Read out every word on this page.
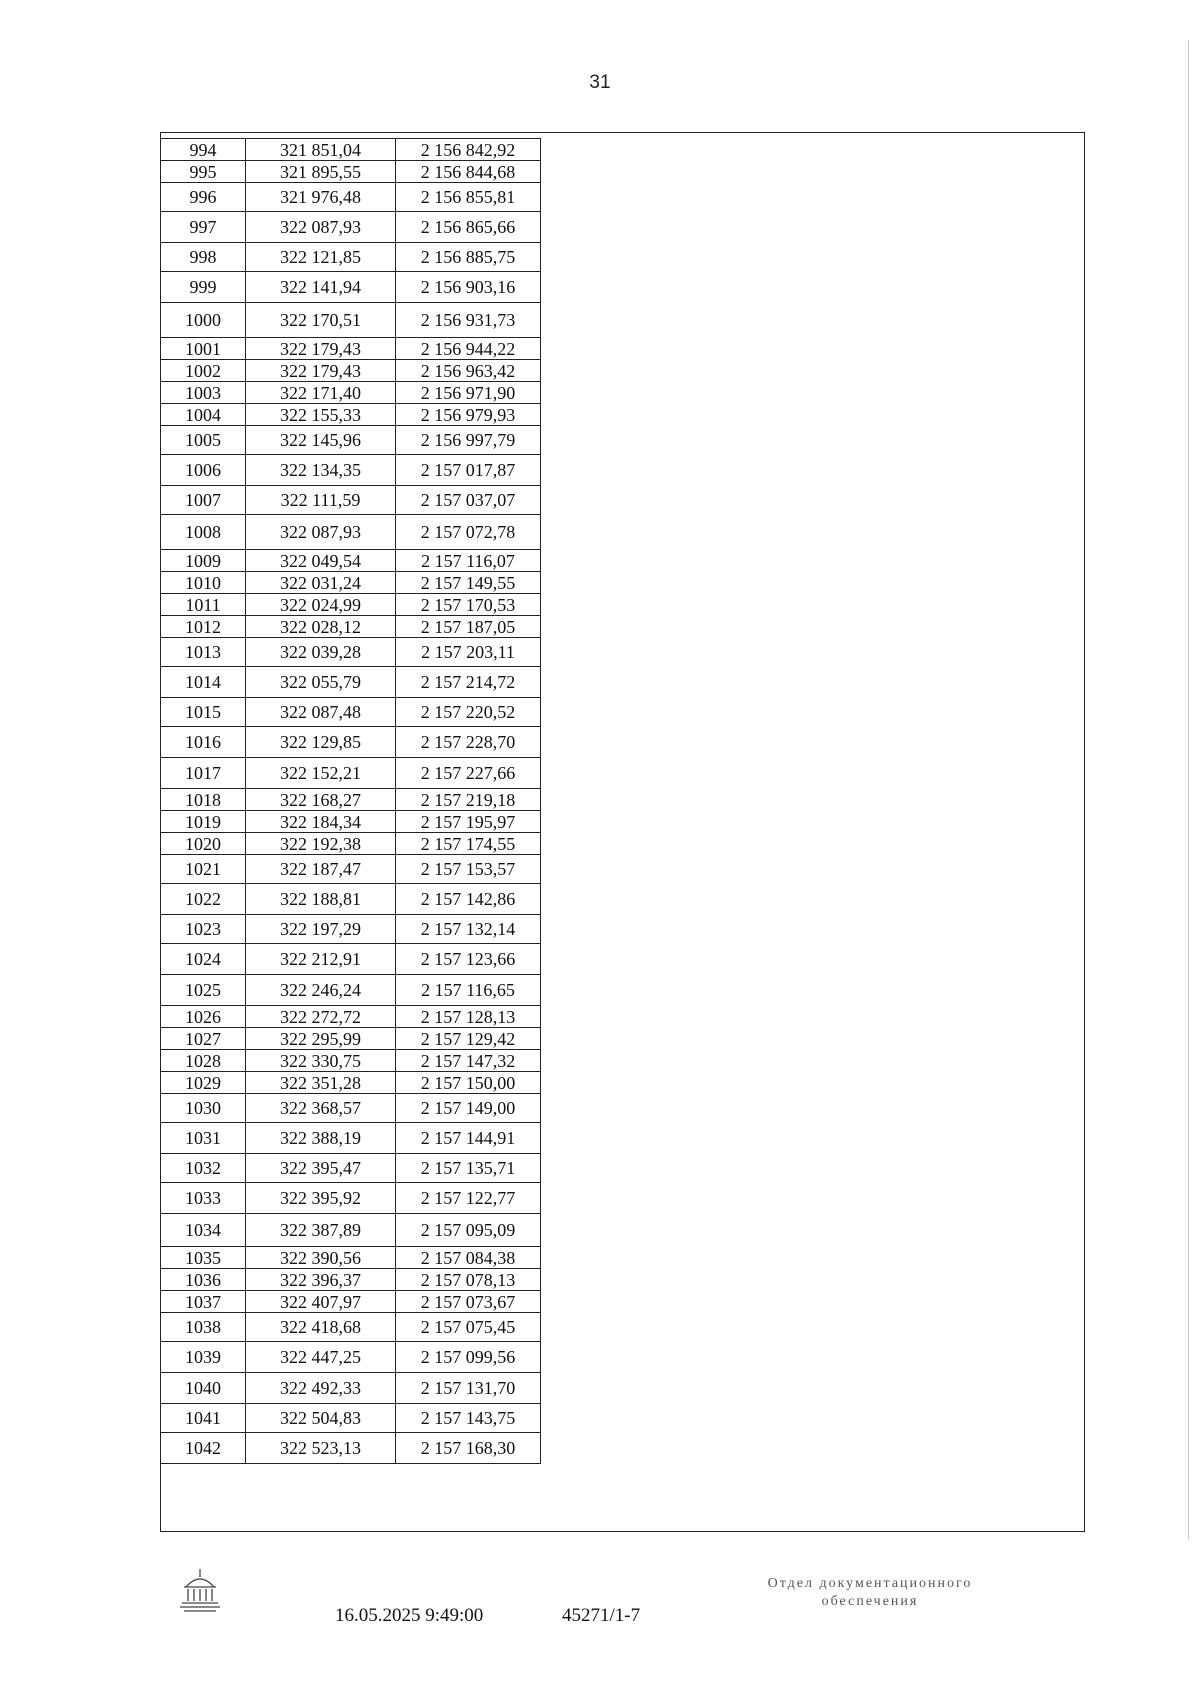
31
994	321 851,04	2 156 842,92
995	321 895,55	2 156 844,68
996	321 976,48	2 156 855,81
997	322 087,93	2 156 865,66
998	322 121,85	2 156 885,75
999	322 141,94	2 156 903,16
1000	322 170,51	2 156 931,73
1001	322 179,43	2 156 944,22
1002	322 179,43	2 156 963,42
1003	322 171,40	2 156 971,90
1004	322 155,33	2 156 979,93
1005	322 145,96	2 156 997,79
1006	322 134,35	2 157 017,87
1007	322 111,59	2 157 037,07
1008	322 087,93	2 157 072,78
1009	322 049,54	2 157 116,07
1010	322 031,24	2 157 149,55
1011	322 024,99	2 157 170,53
1012	322 028,12	2 157 187,05
1013	322 039,28	2 157 203,11
1014	322 055,79	2 157 214,72
1015	322 087,48	2 157 220,52
1016	322 129,85	2 157 228,70
1017	322 152,21	2 157 227,66
1018	322 168,27	2 157 219,18
1019	322 184,34	2 157 195,97
1020	322 192,38	2 157 174,55
1021	322 187,47	2 157 153,57
1022	322 188,81	2 157 142,86
1023	322 197,29	2 157 132,14
1024	322 212,91	2 157 123,66
1025	322 246,24	2 157 116,65
1026	322 272,72	2 157 128,13
1027	322 295,99	2 157 129,42
1028	322 330,75	2 157 147,32
1029	322 351,28	2 157 150,00
1030	322 368,57	2 157 149,00
1031	322 388,19	2 157 144,91
1032	322 395,47	2 157 135,71
1033	322 395,92	2 157 122,77
1034	322 387,89	2 157 095,09
1035	322 390,56	2 157 084,38
1036	322 396,37	2 157 078,13
1037	322 407,97	2 157 073,67
1038	322 418,68	2 157 075,45
1039	322 447,25	2 157 099,56
1040	322 492,33	2 157 131,70
1041	322 504,83	2 157 143,75
1042	322 523,13	2 157 168,30
16.05.2025 9:49:00	45271/1-7
Отдел документационного
обеспечения
